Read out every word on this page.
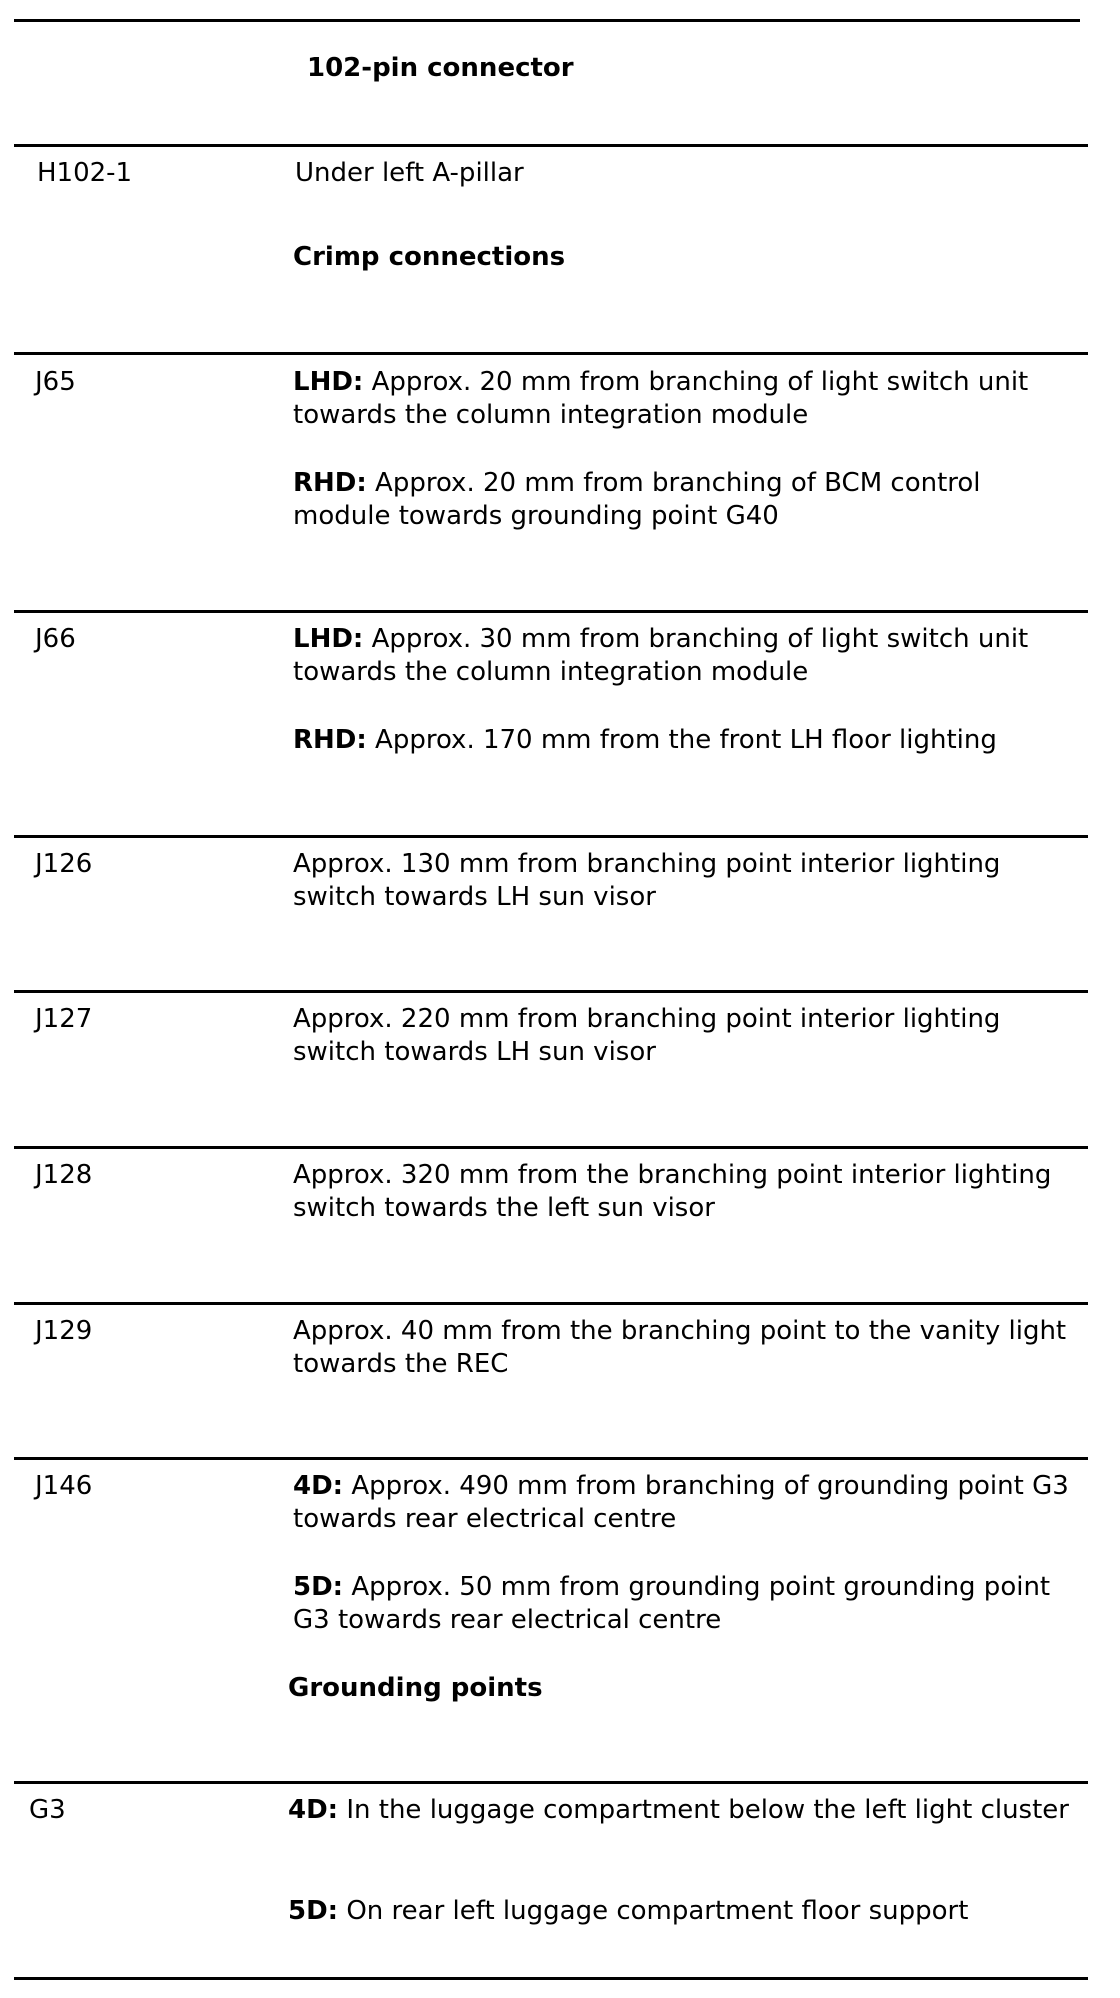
102-pin connector
Crimp connections
Grounding points
H102-1	Under left A-pillar
J65	LHD: Approx. 20 mm from branching of light switch unit towards the column integration module
RHD: Approx. 20 mm from branching of BCM control module towards grounding point G40
J66	LHD: Approx. 30 mm from branching of light switch unit towards the column integration module
RHD: Approx. 170 mm from the front LH floor lighting
J126	Approx. 130 mm from branching point interior lighting switch towards LH sun visor
J127	Approx. 220 mm from branching point interior lighting switch towards LH sun visor
J128	Approx. 320 mm from the branching point interior lighting switch towards the left sun visor
J129	Approx. 40 mm from the branching point to the vanity light towards the REC
J146	4D: Approx. 490 mm from branching of grounding point G3 towards rear electrical centre
5D: Approx. 50 mm from grounding point grounding point G3 towards rear electrical centre
G3	4D: In the luggage compartment below the left light cluster
5D: On rear left luggage compartment floor support
